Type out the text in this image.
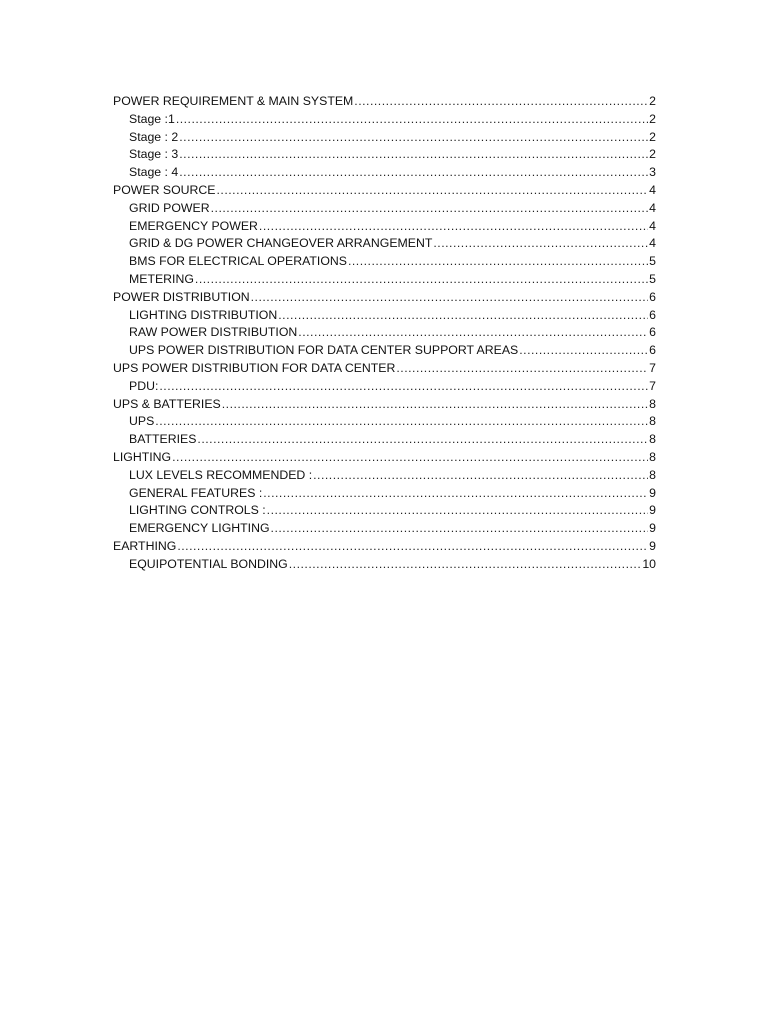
POWER REQUIREMENT & MAIN SYSTEM .....	2
Stage :1 .....	2
Stage : 2 .....	2
Stage : 3 .....	2
Stage : 4 .....	3
POWER SOURCE .....	4
GRID POWER .....	4
EMERGENCY POWER .....	4
GRID & DG POWER CHANGEOVER ARRANGEMENT .....	4
BMS FOR ELECTRICAL OPERATIONS .....	5
METERING .....	5
POWER DISTRIBUTION .....	6
LIGHTING DISTRIBUTION .....	6
RAW POWER DISTRIBUTION .....	6
UPS POWER DISTRIBUTION FOR DATA CENTER SUPPORT AREAS .....	6
UPS POWER DISTRIBUTION FOR DATA CENTER .....	7
PDU: .....	7
UPS & BATTERIES .....	8
UPS .....	8
BATTERIES .....	8
LIGHTING .....	8
LUX LEVELS RECOMMENDED : .....	8
GENERAL FEATURES : .....	9
LIGHTING CONTROLS : .....	9
EMERGENCY LIGHTING .....	9
EARTHING .....	9
EQUIPOTENTIAL BONDING .....	10
